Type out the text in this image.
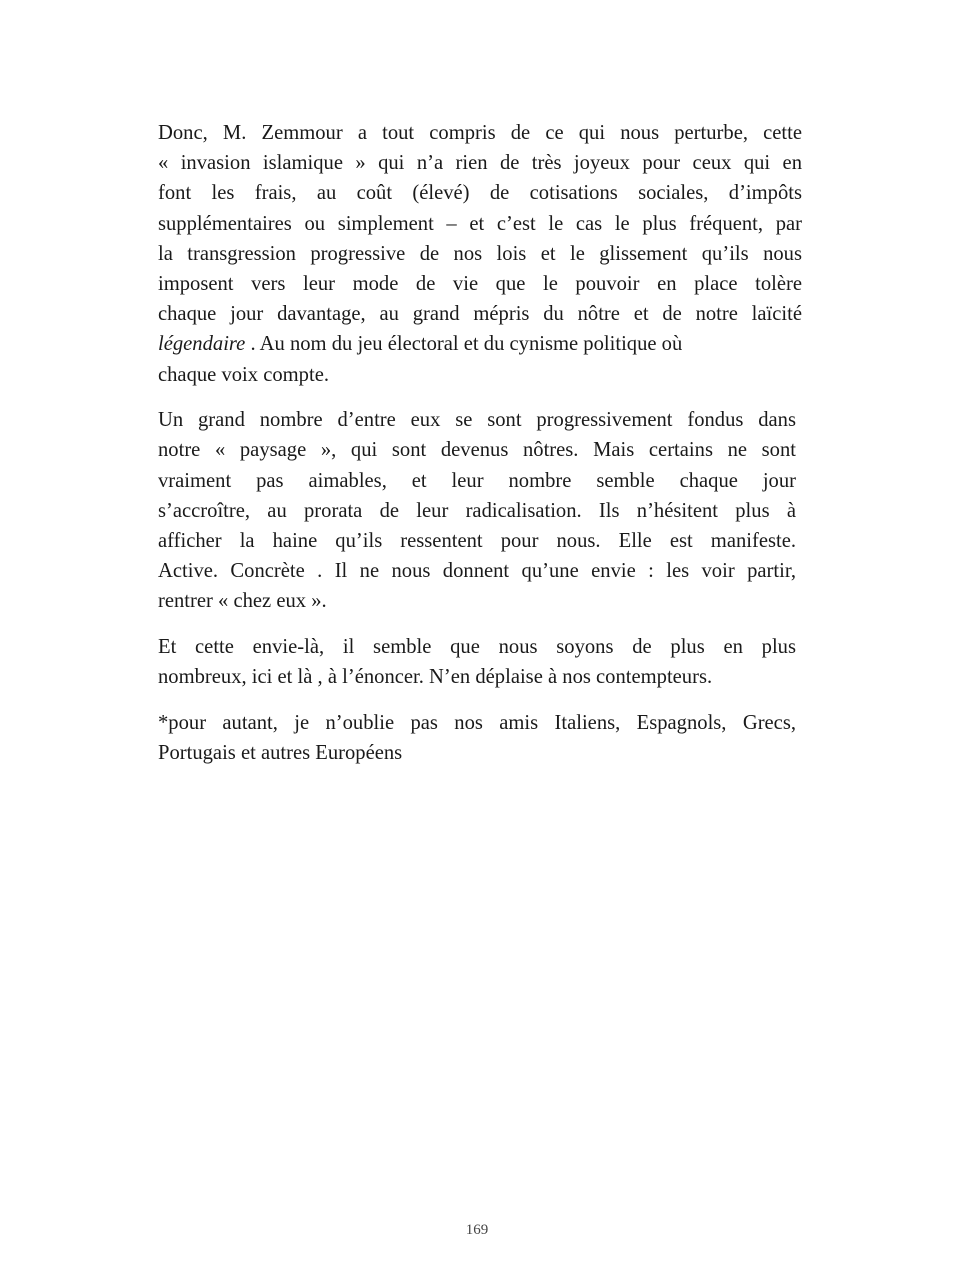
Donc, M. Zemmour a tout compris de ce qui nous perturbe, cette
« invasion islamique » qui n’a rien de très joyeux pour ceux qui en
font les frais, au coût (élevé) de cotisations sociales, d’impôts
supplémentaires ou simplement – et c’est le cas le plus fréquent, par
la transgression progressive de nos lois et le glissement qu’ils nous
imposent vers leur mode de vie que le pouvoir en place tolère
chaque jour davantage, au grand mépris du nôtre et de notre laïcité
légendaire . Au nom du jeu électoral et du cynisme politique où
chaque voix compte.
Un grand nombre d’entre eux se sont progressivement fondus dans
notre « paysage », qui sont devenus nôtres. Mais certains ne sont
vraiment pas aimables, et leur nombre semble chaque jour
s’accroître, au prorata de leur radicalisation. Ils n’hésitent plus à
afficher la haine qu’ils ressentent pour nous. Elle est manifeste.
Active. Concrète . Il ne nous donnent qu’une envie : les voir partir,
rentrer « chez eux ».
Et cette envie-là, il semble que nous soyons de plus en plus
nombreux, ici et là , à l’énoncer. N’en déplaise à nos contempteurs.
*pour autant, je n’oublie pas nos amis Italiens, Espagnols, Grecs,
Portugais et autres Européens
169
